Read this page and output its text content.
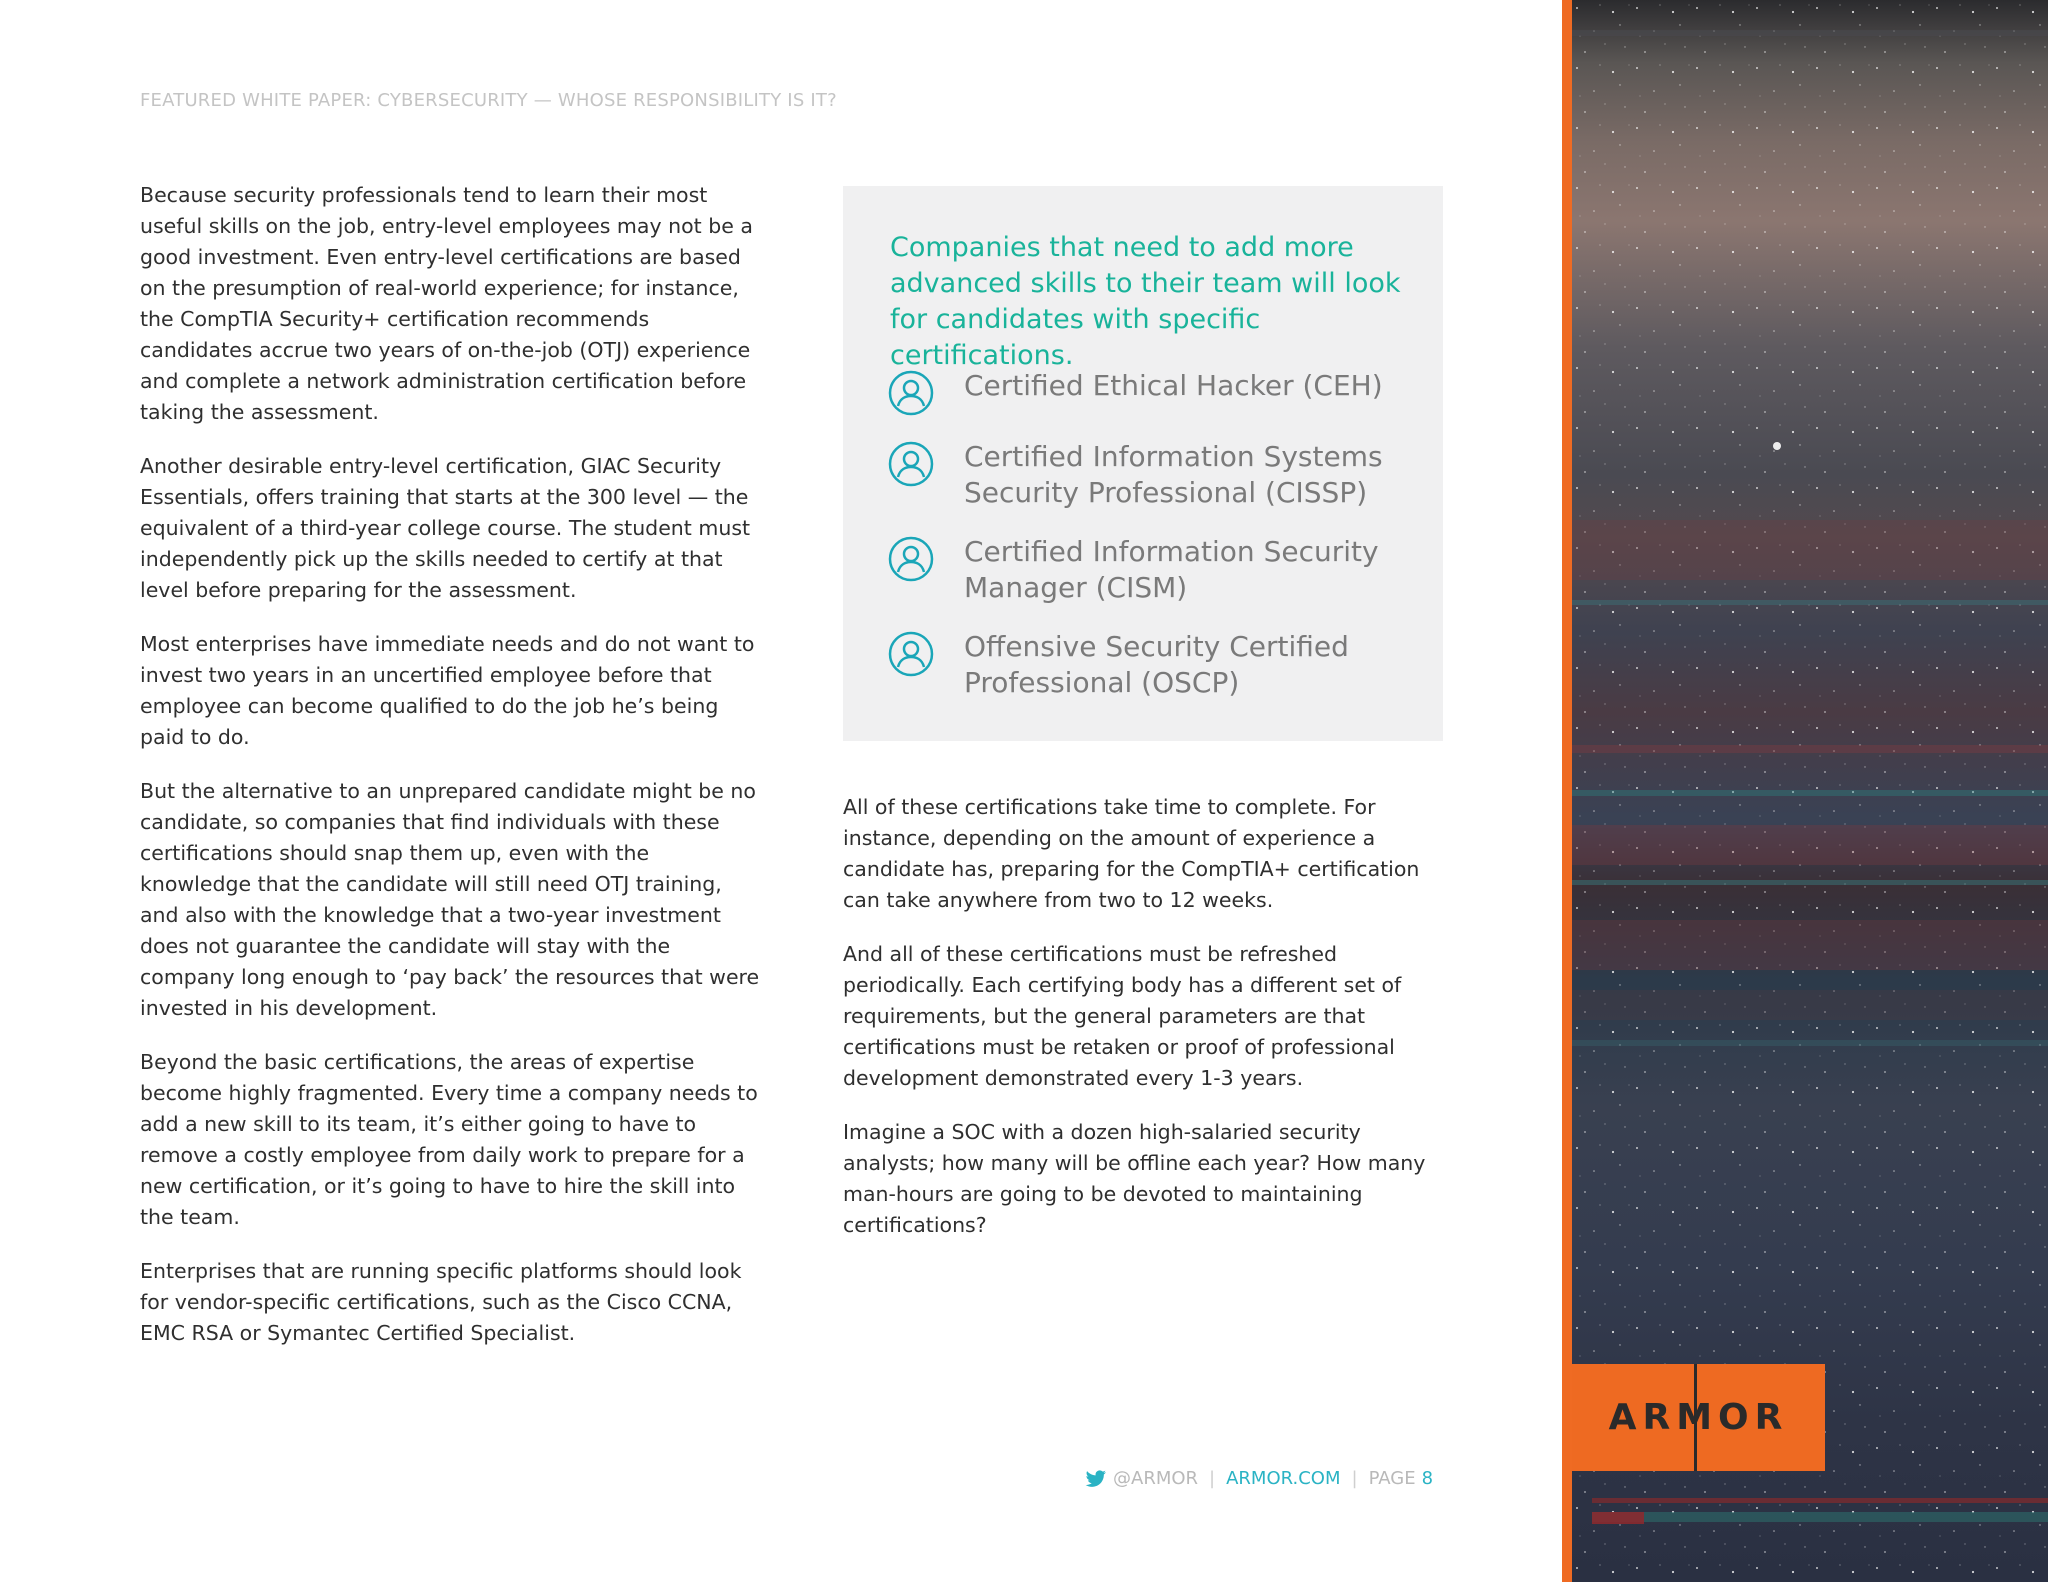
FEATURED WHITE PAPER: CYBERSECURITY — WHOSE RESPONSIBILITY IS IT?

Because security professionals tend to learn their most useful skills on the job, entry-level employees may not be a good investment. Even entry-level certifications are based on the presumption of real-world experience; for instance, the CompTIA Security+ certification recommends candidates accrue two years of on-the-job (OTJ) experience and complete a network administration certification before taking the assessment.

Another desirable entry-level certification, GIAC Security Essentials, offers training that starts at the 300 level — the equivalent of a third-year college course. The student must independently pick up the skills needed to certify at that level before preparing for the assessment.

Most enterprises have immediate needs and do not want to invest two years in an uncertified employee before that employee can become qualified to do the job he’s being paid to do.

But the alternative to an unprepared candidate might be no candidate, so companies that find individuals with these certifications should snap them up, even with the knowledge that the candidate will still need OTJ training, and also with the knowledge that a two-year investment does not guarantee the candidate will stay with the company long enough to ‘pay back’ the resources that were invested in his development.

Beyond the basic certifications, the areas of expertise become highly fragmented. Every time a company needs to add a new skill to its team, it’s either going to have to remove a costly employee from daily work to prepare for a new certification, or it’s going to have to hire the skill into the team.

Enterprises that are running specific platforms should look for vendor-specific certifications, such as the Cisco CCNA, EMC RSA or Symantec Certified Specialist.

Companies that need to add more advanced skills to their team will look for candidates with specific certifications.
Certified Ethical Hacker (CEH)
Certified Information Systems Security Professional (CISSP)
Certified Information Security Manager (CISM)
Offensive Security Certified Professional (OSCP)

All of these certifications take time to complete. For instance, depending on the amount of experience a candidate has, preparing for the CompTIA+ certification can take anywhere from two to 12 weeks.

And all of these certifications must be refreshed periodically. Each certifying body has a different set of requirements, but the general parameters are that certifications must be retaken or proof of professional development demonstrated every 1-3 years.

Imagine a SOC with a dozen high-salaried security analysts; how many will be offline each year? How many man-hours are going to be devoted to maintaining certifications?

@ARMOR | ARMOR.COM | PAGE 8
ARMOR
